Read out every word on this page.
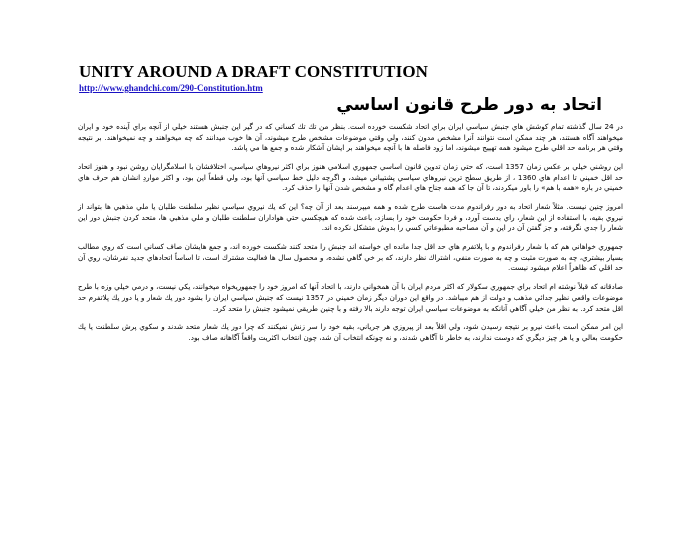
UNITY AROUND A DRAFT CONSTITUTION
http://www.ghandchi.com/290-Constitution.htm
اتحاد به دور طرح قانون اساسي

در 24 سال گذشته تمام كوشش هاي جنبش سياسي ايران براي اتحاد شكست خورده است. بنظر من تك تك كساني كه در گير اين جنبش هستند خيلي از آنچه براي آينده خود و ايران ميخواهند آگاه هستند، هر چند ممكن است نتوانند آنرا مشخص مدون كنند، ولي وقتي موضوعات مشخص طرح ميشوند، آن ها خوب ميدانند كه چه ميخواهند و چه نميخواهند. بر نتيجه وقتي هر برنامه حد اقلي طرح ميشود همه تهييج ميشوند، اما زود فاصله ها با آنچه ميخواهند بر ايشان آشكار شده و جمع ها مي پاشد.

اين روشني خيلي بر عكس زمان 1357 است، كه حتي زمان تدوين قانون اساسي جمهوري اسلامي هنوز براي اكثر نيروهاي سياسي، اختلافشان با اسلامگرايان روشن نبود و هنوز اتحاد حد اقل خميني تا اعدام هاي 1360 ، از طريق سطح ترين نيروهاي سياسي پشتيباني ميشد، و اگرچه دليل خط سياسي آنها بود، ولي قطعاً اين بود، و اكثر مواردِ انشان هم حرف هاي خميني در باره «همه با هم» را باور ميكردند، تا آن جا كه همه جناح هاي اعدام گاه و مشخص شدن آنها را حذف كرد.

امروز چنين نيست. مثلاً شعار اتحاد به دور رفراندوم مدت هاست طرح شده و همه ميپرسند بعد از آن چه؟ اين كه يك نيروي سياسي نظير سلطنت طلبان يا ملي مذهبي ها بتواند از نيروي بقيه، با استفاده از اين شعار، راي بدست آورد، و فردا حكومت خود را بسازد، باعث شده كه هيچكسي حتي هواداران سلطنت طلبان و ملي مذهبي ها، متحد كردن جنبش دور اين شعار را جدي نگرفته، و جز گفتن آن در اين و آن مصاحبه مطبوعاتي كسي را بدوش متشكل نكرده اند.

جمهوري خواهاني هم كه با شعار رفراندوم و با پلاتفرم هاي حد اقل جدا مانده اي خواسته اند جنبش را متحد كنند شكست خورده اند، و جمع هايشان صاف كساني است كه روي مطالب بسيار بيشتري، چه به صورت مثبت و چه به صورت منفي، اشتراك نظر دارند، كه بر خي گاهي نشده، و محصول سال ها فعاليت مشترك است، تا اساساً اتحادهاي جديد نفرشان، روي آن حد اقلي كه ظاهراً اعلام ميشود نيست.

صادقانه كه قبلاً نوشته ام اتحاد براي جمهوري سكولار كه اكثر مردم ايران با آن همخواني دارند، با اتحاد آنها كه امروز خود را جمهوريخواه ميخوانند، يكي نيست، و درمي خيلي وزه با طرح موضوعات واقعي نظير جدائي مذهب و دولت از هم ميباشد. در واقع اين دوران ديگر زمان خميني در 1357 نيست كه جنبش سياسي ايران را بشود دور يك شعار و يا دور يك پلاتفرم حد اقل متحد كرد. به نظر من خيلي آگاهي آنانكه به موضوعات سياسي ايران توجه دارند بالا رفته و با چنين طريقي نميشود جنبش را متحد كرد.

اين امر ممكن است باعث نيرو بر نتيجه رسيدن شود، ولي اقلاً بعد از پيروزي هر جرياني، بقيه خود را سر زنش نميكنند كه چرا دور يك شعار متحد شدند و سكوي پرش سلطنت يا يك حكومت بعالي و يا هر چيز ديگري كه دوست ندارند، به خاطر نا آگاهي شدند، و نه چونكه انتخاب آن شد، چون انتخاب اكثريت واقعاً آگاهانه صاف بود.
